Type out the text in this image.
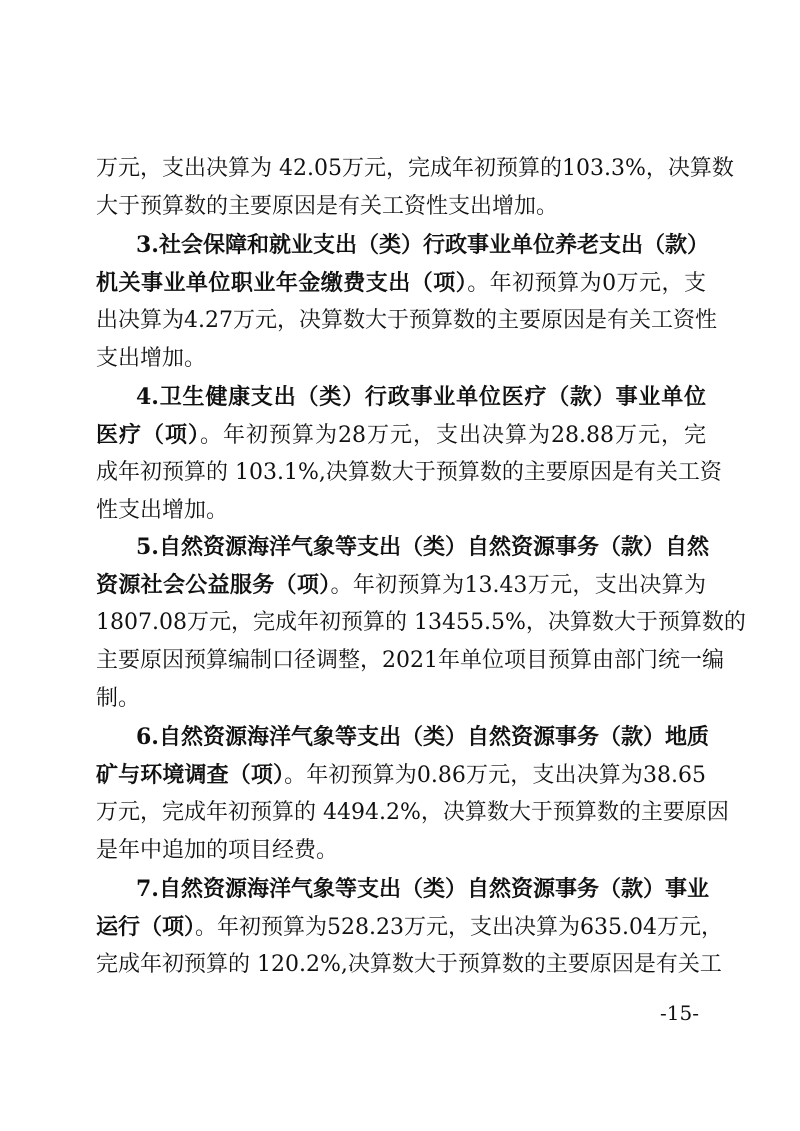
万元，支出决算为 42.05万元，完成年初预算的103.3%，决算数
大于预算数的主要原因是有关工资性支出增加。
3.社会保障和就业支出（类）行政事业单位养老支出（款）
机关事业单位职业年金缴费支出（项）。年初预算为0万元，支
出决算为4.27万元，决算数大于预算数的主要原因是有关工资性
支出增加。
4.卫生健康支出（类）行政事业单位医疗（款）事业单位
医疗（项）。年初预算为28万元，支出决算为28.88万元，完
成年初预算的 103.1%,决算数大于预算数的主要原因是有关工资
性支出增加。
5.自然资源海洋气象等支出（类）自然资源事务（款）自然
资源社会公益服务（项）。年初预算为13.43万元，支出决算为
1807.08万元，完成年初预算的 13455.5%，决算数大于预算数的
主要原因预算编制口径调整，2021年单位项目预算由部门统一编
制。
6.自然资源海洋气象等支出（类）自然资源事务（款）地质
矿与环境调查（项）。年初预算为0.86万元，支出决算为38.65
万元，完成年初预算的 4494.2%，决算数大于预算数的主要原因
是年中追加的项目经费。
7.自然资源海洋气象等支出（类）自然资源事务（款）事业
运行（项）。年初预算为528.23万元，支出决算为635.04万元，
完成年初预算的 120.2%,决算数大于预算数的主要原因是有关工
-15-
